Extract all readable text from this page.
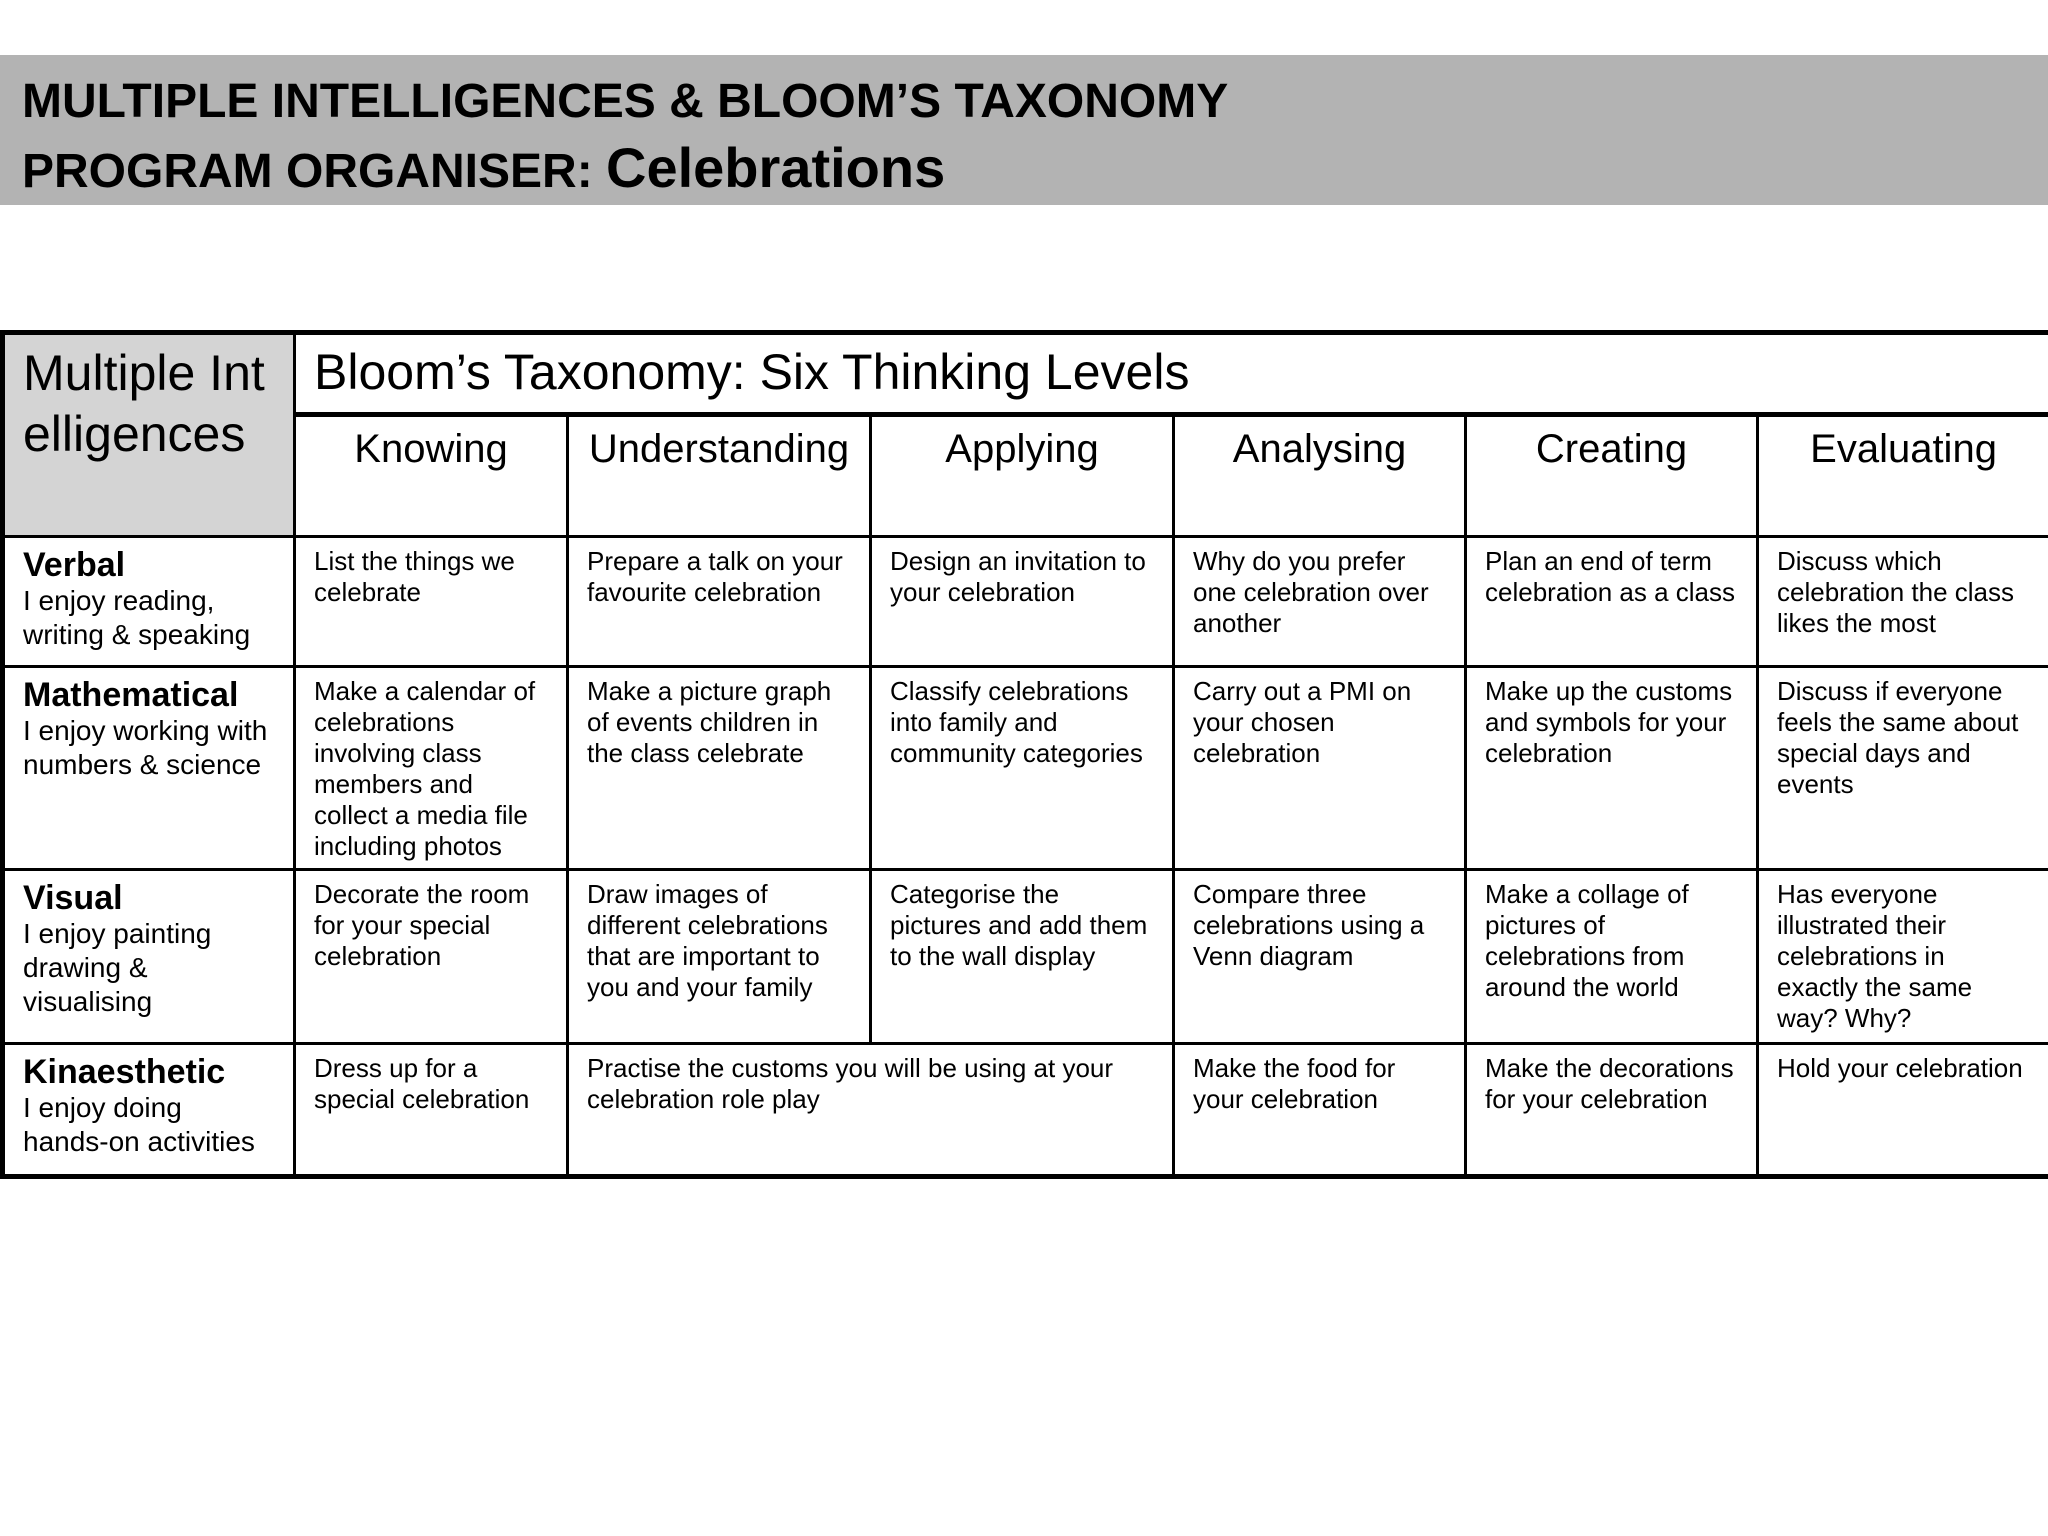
MULTIPLE INTELLIGENCES & BLOOM’S TAXONOMY
PROGRAM ORGANISER: Celebrations
Multiple Intelligences	Bloom’s Taxonomy: Six Thinking Levels					
	Knowing	Understanding	Applying	Analysing	Creating	Evaluating

Verbal
I enjoy reading, writing & speaking	List the things we celebrate	Prepare a talk on your favourite celebration	Design an invitation to your celebration	Why do you prefer one celebration over another	Plan an end of term celebration as a class	Discuss which celebration the class likes the most

Mathematical
I enjoy working with numbers & science	Make a calendar of celebrations involving class members and collect a media file including photos	Make a picture graph of events children in the class celebrate	Classify celebrations into family and community categories	Carry out a PMI on your chosen celebration	Make up the customs and symbols for your celebration	Discuss if everyone feels the same about special days and events

Visual
I enjoy painting drawing & visualising	Decorate the room for your special celebration	Draw images of different celebrations that are important to you and your family	Categorise the pictures and add them to the wall display	Compare three celebrations using a Venn diagram	Make a collage of pictures of celebrations from around the world	Has everyone illustrated their celebrations in exactly the same way? Why?

Kinaesthetic
I enjoy doing hands-on activities	Dress up for a special celebration	Practise the customs you will be using at your celebration role play		Make the food for your celebration	Make the decorations for your celebration	Hold your celebration
